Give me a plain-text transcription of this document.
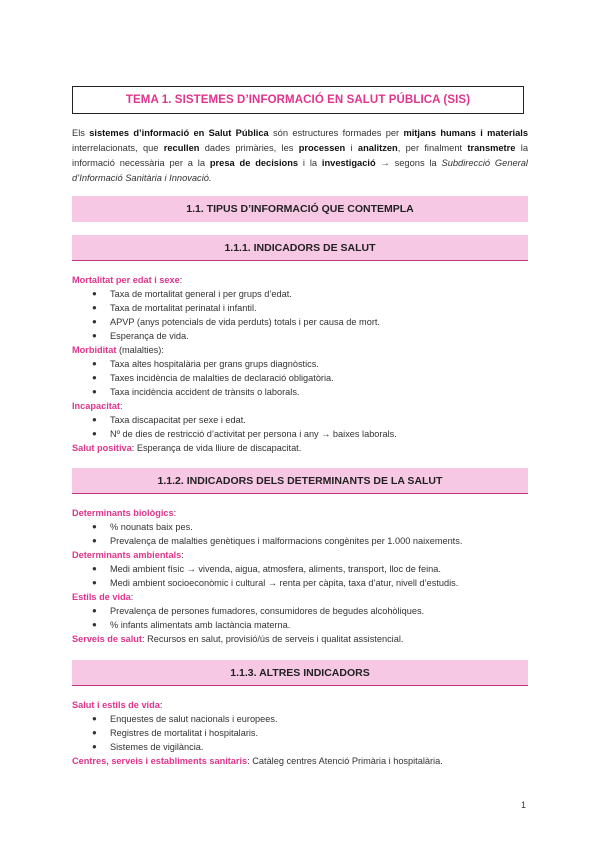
TEMA 1. SISTEMES D’INFORMACIÓ EN SALUT PÚBLICA (SIS)
Els sistemes d’informació en Salut Pública són estructures formades per mitjans humans i materials interrelacionats, que recullen dades primàries, les processen i analitzen, per finalment transmetre la informació necessària per a la presa de decisions i la investigació → segons la Subdirecció General d’Informació Sanitària i Innovació.
1.1. TIPUS D’INFORMACIÓ QUE CONTEMPLA
1.1.1. INDICADORS DE SALUT
Mortalitat per edat i sexe:
● Taxa de mortalitat general i per grups d’edat.
● Taxa de mortalitat perinatal i infantil.
● APVP (anys potencials de vida perduts) totals i per causa de mort.
● Esperança de vida.
Morbiditat (malalties):
● Taxa altes hospitalària per grans grups diagnòstics.
● Taxes incidència de malalties de declaració obligatòria.
● Taxa incidència accident de trànsits o laborals.
Incapacitat:
● Taxa discapacitat per sexe i edat.
● Nº de dies de restricció d’activitat per persona i any → baixes laborals.
Salut positiva: Esperança de vida lliure de discapacitat.
1.1.2. INDICADORS DELS DETERMINANTS DE LA SALUT
Determinants biològics:
● % nounats baix pes.
● Prevalença de malalties genètiques i malformacions congènites per 1.000 naixements.
Determinants ambientals:
● Medi ambient físic → vivenda, aigua, atmosfera, aliments, transport, lloc de feina.
● Medi ambient socioeconòmic i cultural → renta per càpita, taxa d’atur, nivell d’estudis.
Estils de vida:
● Prevalença de persones fumadores, consumidores de begudes alcohòliques.
● % infants alimentats amb lactància materna.
Serveis de salut: Recursos en salut, provisió/ús de serveis i qualitat assistencial.
1.1.3. ALTRES INDICADORS
Salut i estils de vida:
● Enquestes de salut nacionals i europees.
● Registres de mortalitat i hospitalaris.
● Sistemes de vigilància.
Centres, serveis i establiments sanitaris: Catàleg centres Atenció Primària i hospitalària.
1
